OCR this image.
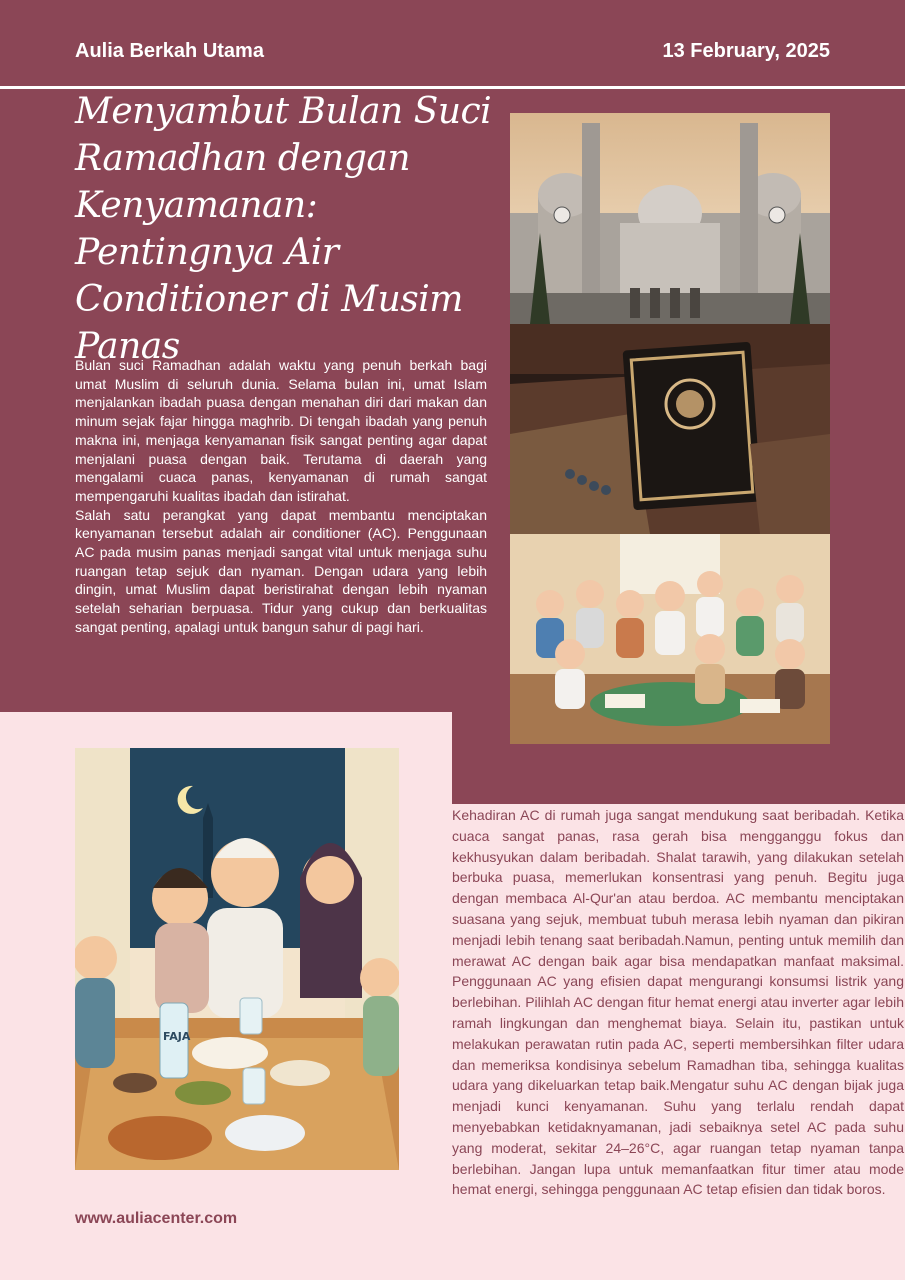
Aulia Berkah Utama	13 February, 2025
Menyambut Bulan Suci Ramadhan dengan Kenyamanan: Pentingnya Air Conditioner di Musim Panas

Bulan suci Ramadhan adalah waktu yang penuh berkah bagi umat Muslim di seluruh dunia. Selama bulan ini, umat Islam menjalankan ibadah puasa dengan menahan diri dari makan dan minum sejak fajar hingga maghrib. Di tengah ibadah yang penuh makna ini, menjaga kenyamanan fisik sangat penting agar dapat menjalani puasa dengan baik. Terutama di daerah yang mengalami cuaca panas, kenyamanan di rumah sangat mempengaruhi kualitas ibadah dan istirahat.

Salah satu perangkat yang dapat membantu menciptakan kenyamanan tersebut adalah air conditioner (AC). Penggunaan AC pada musim panas menjadi sangat vital untuk menjaga suhu ruangan tetap sejuk dan nyaman. Dengan udara yang lebih dingin, umat Muslim dapat beristirahat dengan lebih nyaman setelah seharian berpuasa. Tidur yang cukup dan berkualitas sangat penting, apalagi untuk bangun sahur di pagi hari.

FAJA

Kehadiran AC di rumah juga sangat mendukung saat beribadah. Ketika cuaca sangat panas, rasa gerah bisa mengganggu fokus dan kekhusyukan dalam beribadah. Shalat tarawih, yang dilakukan setelah berbuka puasa, memerlukan konsentrasi yang penuh. Begitu juga dengan membaca Al-Qur'an atau berdoa. AC membantu menciptakan suasana yang sejuk, membuat tubuh merasa lebih nyaman dan pikiran menjadi lebih tenang saat beribadah.Namun, penting untuk memilih dan merawat AC dengan baik agar bisa mendapatkan manfaat maksimal. Penggunaan AC yang efisien dapat mengurangi konsumsi listrik yang berlebihan. Pilihlah AC dengan fitur hemat energi atau inverter agar lebih ramah lingkungan dan menghemat biaya. Selain itu, pastikan untuk melakukan perawatan rutin pada AC, seperti membersihkan filter udara dan memeriksa kondisinya sebelum Ramadhan tiba, sehingga kualitas udara yang dikeluarkan tetap baik.Mengatur suhu AC dengan bijak juga menjadi kunci kenyamanan. Suhu yang terlalu rendah dapat menyebabkan ketidaknyamanan, jadi sebaiknya setel AC pada suhu yang moderat, sekitar 24–26°C, agar ruangan tetap nyaman tanpa berlebihan. Jangan lupa untuk memanfaatkan fitur timer atau mode hemat energi, sehingga penggunaan AC tetap efisien dan tidak boros.

www.auliacenter.com
